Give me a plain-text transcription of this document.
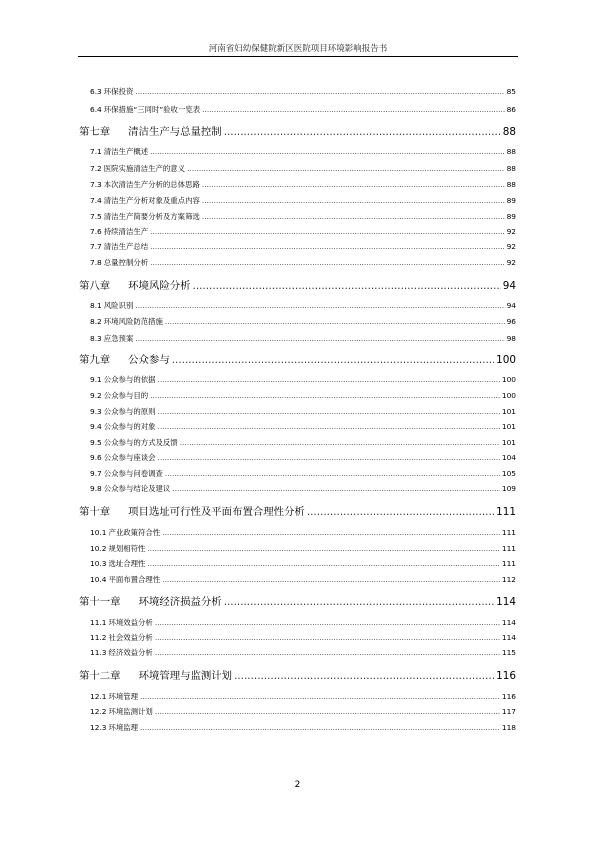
河南省妇幼保健院新区医院项目环境影响报告书
6.3 环保投资 .....	85
6.4 环保措施“三同时”验收一览表 .....	86
第七章 清洁生产与总量控制 .....	88
7.1 清洁生产概述 .....	88
7.2 医院实施清洁生产的意义 .....	88
7.3 本次清洁生产分析的总体思路 .....	88
7.4 清洁生产分析对象及重点内容 .....	89
7.5 清洁生产简要分析及方案筛选 .....	89
7.6 持续清洁生产 .....	92
7.7 清洁生产总结 .....	92
7.8 总量控制分析 .....	92
第八章 环境风险分析 .....	94
8.1 风险识别 .....	94
8.2 环境风险防范措施 .....	96
8.3 应急预案 .....	98
第九章 公众参与 .....	100
9.1 公众参与的依据 .....	100
9.2 公众参与目的 .....	100
9.3 公众参与的原则 .....	101
9.4 公众参与的对象 .....	101
9.5 公众参与的方式及反馈 .....	101
9.6 公众参与座谈会 .....	104
9.7 公众参与问卷调查 .....	105
9.8 公众参与结论及建议 .....	109
第十章 项目选址可行性及平面布置合理性分析 .....	111
10.1 产业政策符合性 .....	111
10.2 规划相符性 .....	111
10.3 选址合理性 .....	111
10.4 平面布置合理性 .....	112
第十一章 环境经济损益分析 .....	114
11.1 环境效益分析 .....	114
11.2 社会效益分析 .....	114
11.3 经济效益分析 .....	115
第十二章 环境管理与监测计划 .....	116
12.1 环境管理 .....	116
12.2 环境监测计划 .....	117
12.3 环境监理 .....	118
2
